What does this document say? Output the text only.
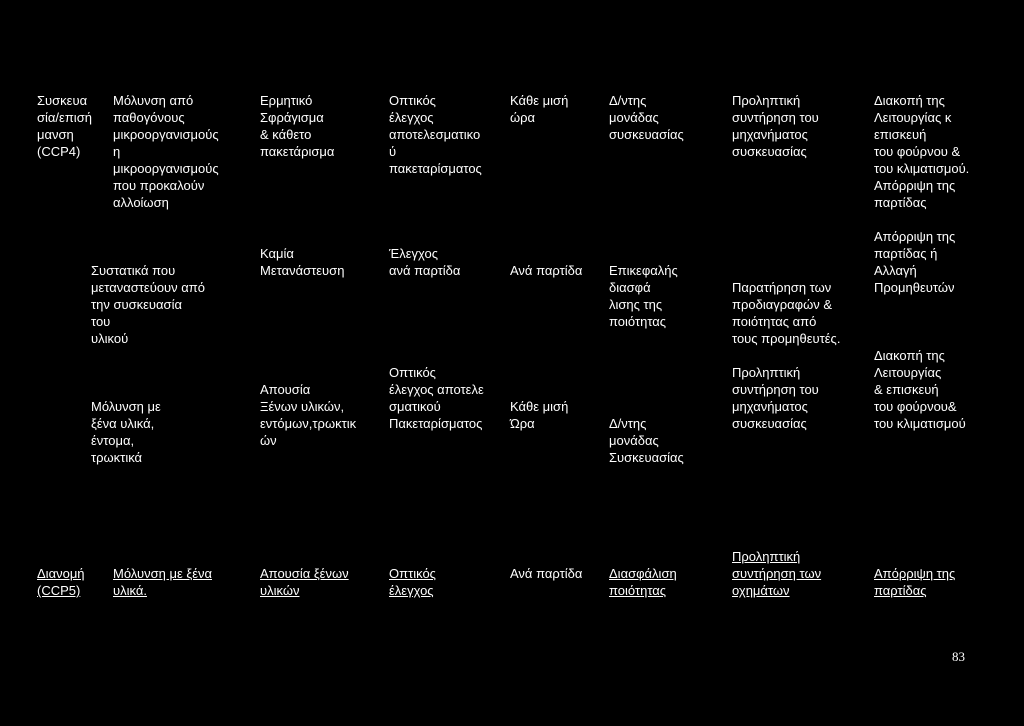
Συσκευα
σία/επισή
μανση
(CCP4)
Μόλυνση από
παθογόνους
μικροοργανισμούς
η
μικροοργανισμούς
που προκαλούν
αλλοίωση
Ερμητικό
Σφράγισμα
& κάθετο
πακετάρισμα
Οπτικός
έλεγχος
αποτελεσματικο
ύ
πακεταρίσματος
Κάθε μισή
ώρα
Δ/ντης
μονάδας
συσκευασίας
Προληπτική
συντήρηση του
μηχανήματος
συσκευασίας
Διακοπή της
Λειτουργίας κ
επισκευή
του φούρνου &
του κλιματισμού.
Απόρριψη της
παρτίδας
Συστατικά που
μεταναστεύουν από
την συσκευασία
του
υλικού
Καμία
Μετανάστευση
Έλεγχος
ανά παρτίδα	Ανά παρτίδα Επικεφαλής
διασφά
λισης της
ποιότητας
Παρατήρηση των
προδιαγραφών &
ποιότητας από
τους προμηθευτές.
Απόρριψη της
παρτίδας ή
Αλλαγή
Προμηθευτών
Μόλυνση με
ξένα υλικά,
έντομα,
τρωκτικά
Απουσία
Ξένων υλικών,
εντόμων,τρωκτικ
ών
Οπτικός
έλεγχος αποτελε
σματικού
Πακεταρίσματος
Κάθε μισή
Ώρα	Δ/ντης
μονάδας
Συσκευασίας
Προληπτική
συντήρηση του
μηχανήματος
συσκευασίας
Διακοπή της
Λειτουργίας
& επισκευή
του φούρνου&
του κλιματισμού
Διανομή
(CCP5)
Μόλυνση με ξένα
υλικά.
Απουσία ξένων
υλικών
Οπτικός
έλεγχος
Ανά παρτίδα Διασφάλιση
ποιότητας
Προληπτική
συντήρηση των
οχημάτων
Απόρριψη της
παρτίδας
83
